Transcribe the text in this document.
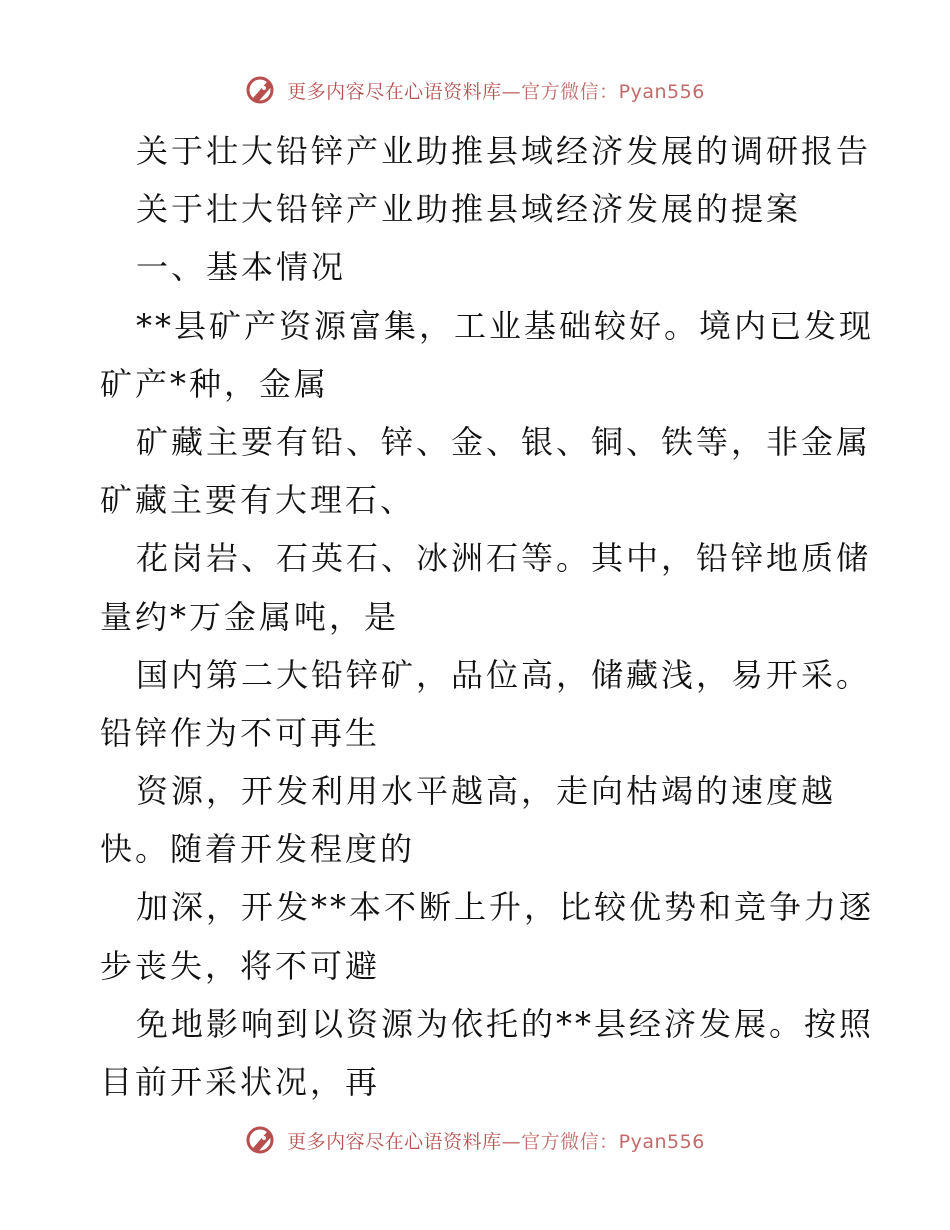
更多内容尽在心语资料库—官方微信：Pyan556
关于壮大铅锌产业助推县域经济发展的调研报告
关于壮大铅锌产业助推县域经济发展的提案
一、基本情况
**县矿产资源富集，工业基础较好。境内已发现
矿产*种，金属
矿藏主要有铅、锌、金、银、铜、铁等，非金属
矿藏主要有大理石、
花岗岩、石英石、冰洲石等。其中，铅锌地质储
量约*万金属吨，是
国内第二大铅锌矿，品位高，储藏浅，易开采。
铅锌作为不可再生
资源，开发利用水平越高，走向枯竭的速度越
快。随着开发程度的
加深，开发**本不断上升，比较优势和竞争力逐
步丧失，将不可避
免地影响到以资源为依托的**县经济发展。按照
目前开采状况，再
更多内容尽在心语资料库—官方微信：Pyan556
